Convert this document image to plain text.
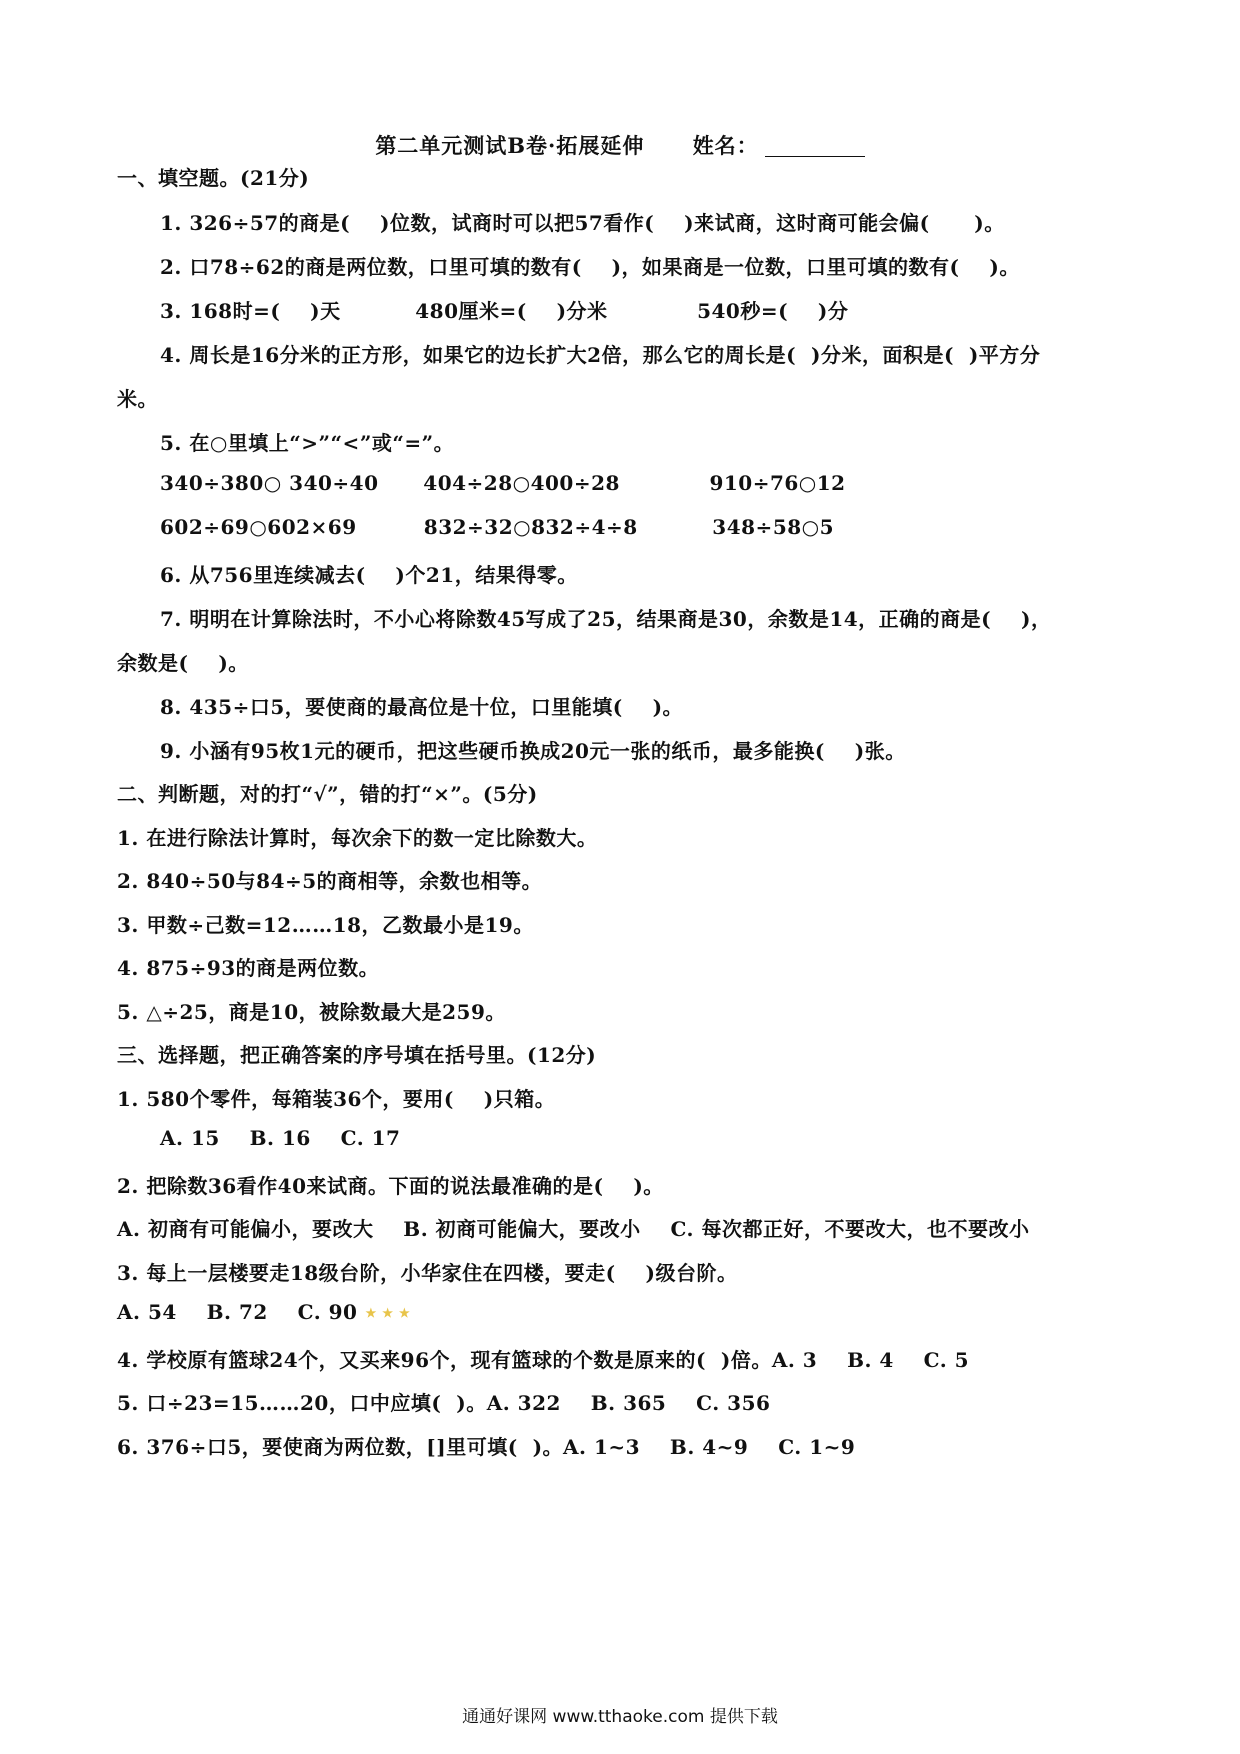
第二单元测试B卷·拓展延伸 姓名：
一、填空题。(21分)
1. 326÷57的商是(    )位数，试商时可以把57看作(    )来试商，这时商可能会偏(      )。
2. 口78÷62的商是两位数，口里可填的数有(    )，如果商是一位数，口里可填的数有(    )。
3. 168时=(    )天          480厘米=(    )分米            540秒=(    )分
4. 周长是16分米的正方形，如果它的边长扩大2倍，那么它的周长是(  )分米，面积是(  )平方分
米。
5. 在○里填上“>”“<”或“=”。
340÷380○ 340÷40      404÷28○400÷28            910÷76○12
602÷69○602×69         832÷32○832÷4÷8          348÷58○5
6. 从756里连续减去(    )个21，结果得零。
7. 明明在计算除法时，不小心将除数45写成了25，结果商是30，余数是14，正确的商是(    )，
余数是(    )。
8. 435÷口5，要使商的最高位是十位，口里能填(    )。
9. 小涵有95枚1元的硬币，把这些硬币换成20元一张的纸币，最多能换(    )张。
二、判断题，对的打“√”，错的打“×”。(5分)
1. 在进行除法计算时，每次余下的数一定比除数大。
2. 840÷50与84÷5的商相等，余数也相等。
3. 甲数÷己数=12……18，乙数最小是19。
4. 875÷93的商是两位数。
5. △÷25，商是10，被除数最大是259。
三、选择题，把正确答案的序号填在括号里。(12分)
1. 580个零件，每箱装36个，要用(    )只箱。
A. 15    B. 16    C. 17
2. 把除数36看作40来试商。下面的说法最准确的是(    )。
A. 初商有可能偏小，要改大    B. 初商可能偏大，要改小    C. 每次都正好，不要改大，也不要改小
3. 每上一层楼要走18级台阶，小华家住在四楼，要走(    )级台阶。
A. 54    B. 72    C. 90 ★★★
4. 学校原有篮球24个，又买来96个，现有篮球的个数是原来的(  )倍。A. 3    B. 4    C. 5
5. 口÷23=15……20，口中应填(  )。A. 322    B. 365    C. 356
6. 376÷口5，要使商为两位数，[]里可填(  )。A. 1~3    B. 4~9    C. 1~9
通通好课网 www.tthaoke.com 提供下载
